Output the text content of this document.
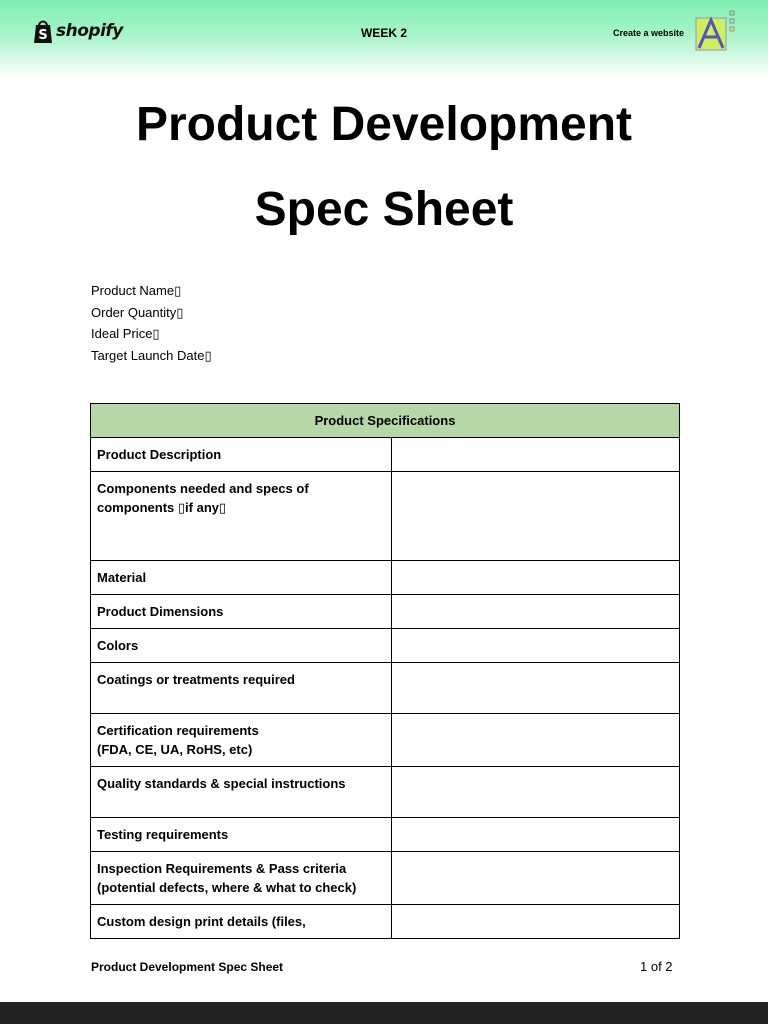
S shopify	WEEK 2	Create a website
Product Development
Spec Sheet
Product Name▯
Order Quantity▯
Ideal Price▯
Target Launch Date▯
Product Specifications	
Product Description	
Components needed and specs of components ▯if any▯	
Material	
Product Dimensions	
Colors	
Coatings or treatments required	

Certification requirements
(FDA, CE, UA, RoHS, etc)	

Quality standards & special instructions	
Testing requirements	

Inspection Requirements & Pass criteria
(potential defects, where & what to check)	

Custom design print details (files,	
Product Development Spec Sheet	1 of 2
